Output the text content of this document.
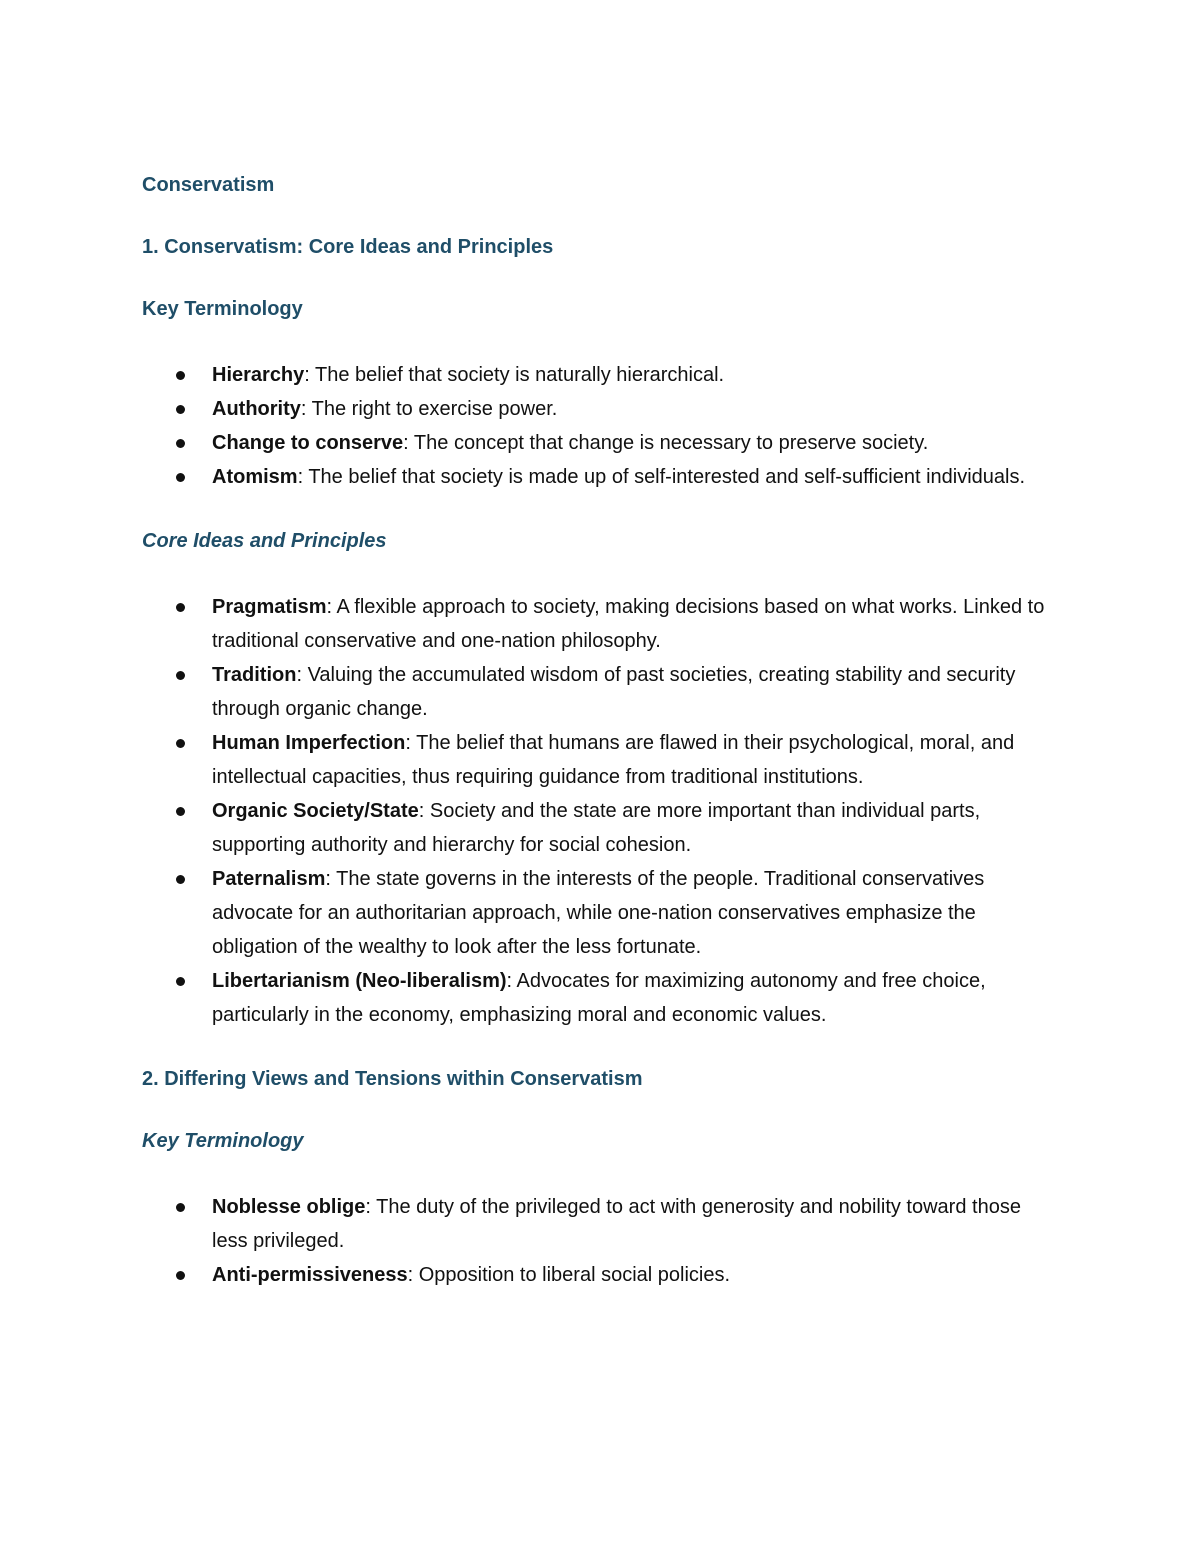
Conservatism
1. Conservatism: Core Ideas and Principles
Key Terminology
Hierarchy: The belief that society is naturally hierarchical.
Authority: The right to exercise power.
Change to conserve: The concept that change is necessary to preserve society.
Atomism: The belief that society is made up of self-interested and self-sufficient individuals.
Core Ideas and Principles
Pragmatism: A flexible approach to society, making decisions based on what works. Linked to traditional conservative and one-nation philosophy.
Tradition: Valuing the accumulated wisdom of past societies, creating stability and security through organic change.
Human Imperfection: The belief that humans are flawed in their psychological, moral, and intellectual capacities, thus requiring guidance from traditional institutions.
Organic Society/State: Society and the state are more important than individual parts, supporting authority and hierarchy for social cohesion.
Paternalism: The state governs in the interests of the people. Traditional conservatives advocate for an authoritarian approach, while one-nation conservatives emphasize the obligation of the wealthy to look after the less fortunate.
Libertarianism (Neo-liberalism): Advocates for maximizing autonomy and free choice, particularly in the economy, emphasizing moral and economic values.
2. Differing Views and Tensions within Conservatism
Key Terminology
Noblesse oblige: The duty of the privileged to act with generosity and nobility toward those less privileged.
Anti-permissiveness: Opposition to liberal social policies.
